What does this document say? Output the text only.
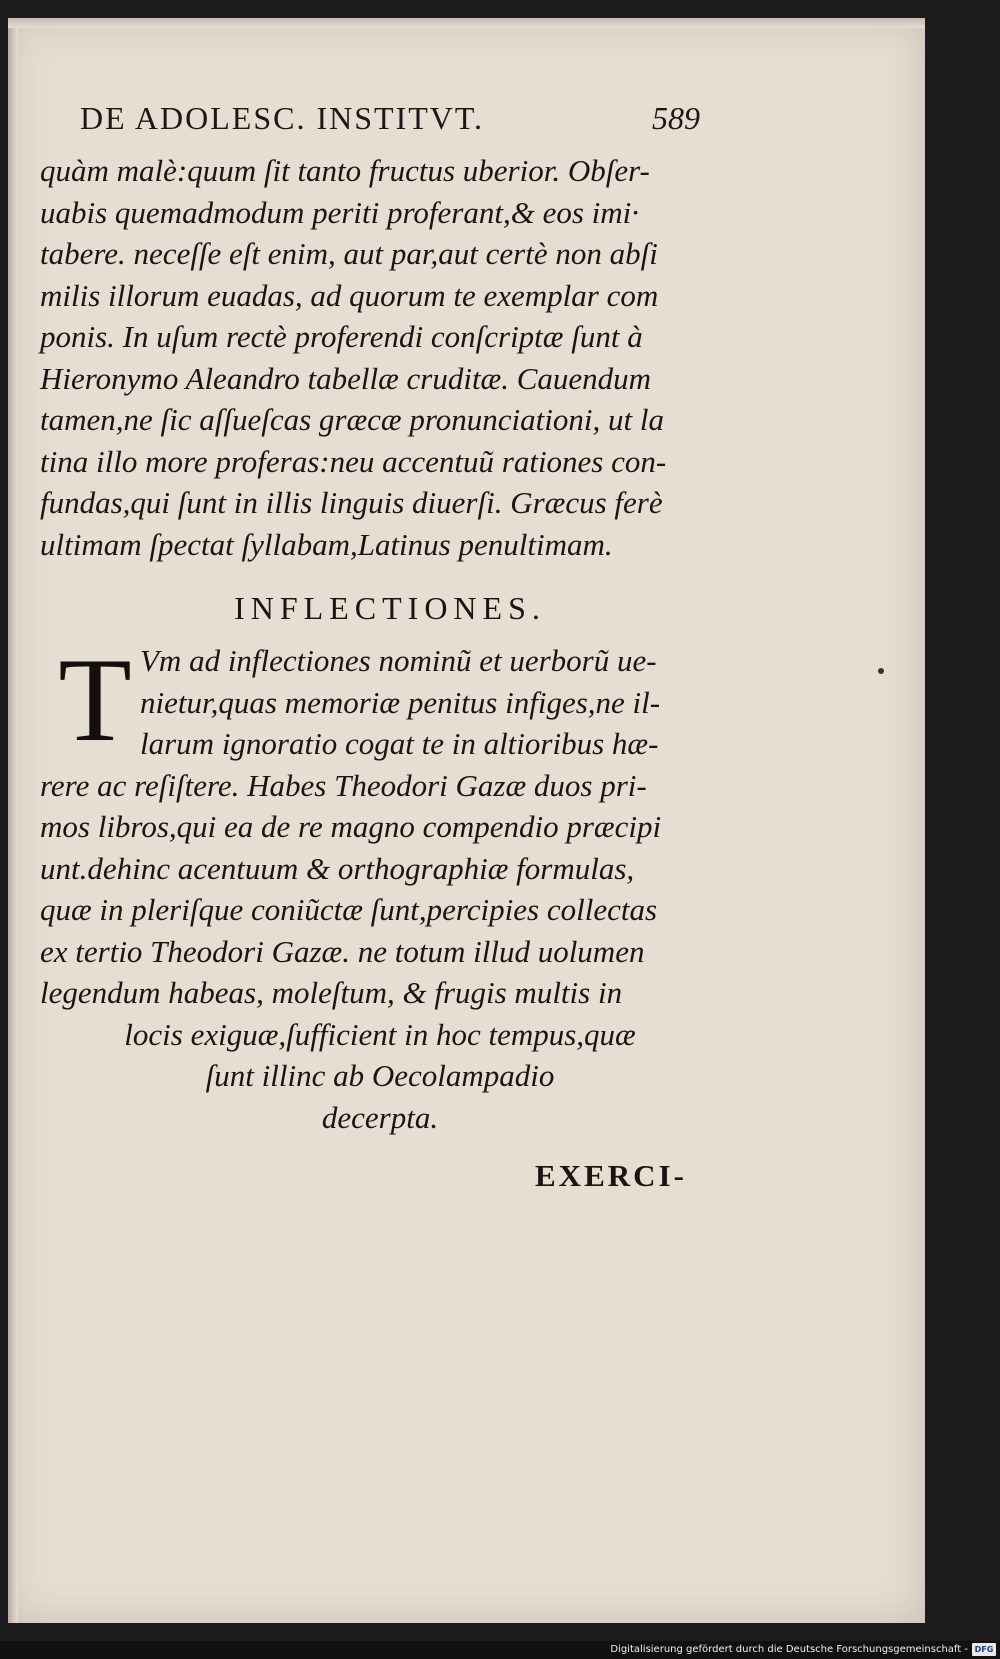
DE ADOLESC. INSTITVT.	589
quàm malè:quum ſit tanto fructus uberior. Obſer-
uabis quemadmodum periti proferant,& eos imi·
tabere. neceſſe eſt enim, aut par,aut certè non abſi
milis illorum euadas, ad quorum te exemplar com
ponis. In uſum rectè proferendi conſcriptæ ſunt à
Hieronymo Aleandro tabellæ cruditæ. Cauendum
tamen,ne ſic aſſueſcas græcæ pronunciationi, ut la
tina illo more proferas:neu accentuũ rationes con-
fundas,qui ſunt in illis linguis diuerſi. Græcus ferè
ultimam ſpectat ſyllabam,Latinus penultimam.
INFLECTIONES.
T Vm ad inflectiones nominũ et uerborũ ue-
nietur,quas memoriæ penitus infiges,ne il-
larum ignoratio cogat te in altioribus hæ-
rere ac reſiſtere. Habes Theodori Gazæ duos pri-
mos libros,qui ea de re magno compendio præcipi
unt.dehinc acentuum & orthographiæ formulas,
quæ in pleriſque coniũctæ ſunt,percipies collectas
ex tertio Theodori Gazæ. ne totum illud uolumen
legendum habeas, moleſtum, & frugis multis in
locis exiguæ,ſufficient in hoc tempus,quæ
ſunt illinc ab Oecolampadio
decerpta.
EXERCI-
Digitalisierung gefördert durch die Deutsche Forschungsgemeinschaft - DFG
